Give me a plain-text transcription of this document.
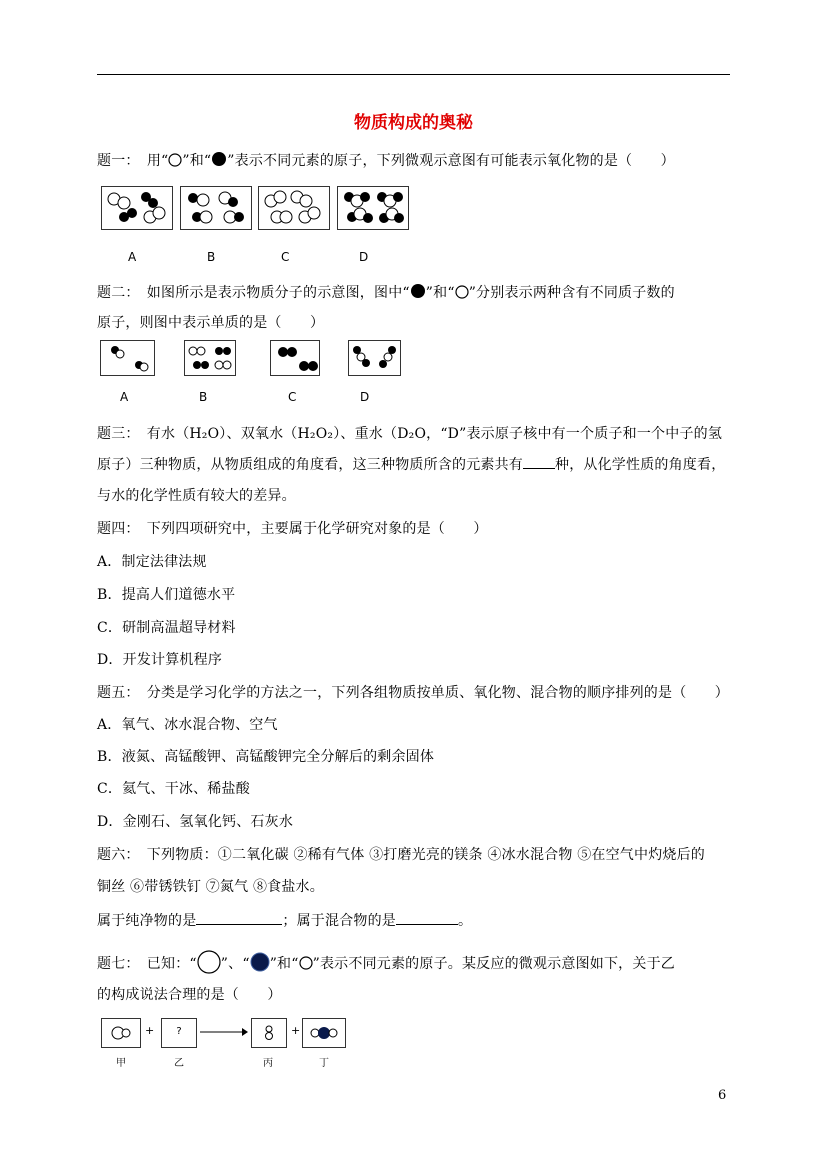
物质构成的奥秘
题一：　 用“ ”和“ ”表示不同元素的原子，下列微观示意图有可能表示氧化物的是（　　）
A	B	C	D
题二：　如图所示是表示物质分子的示意图，图中“ ”和“ ”分别表示两种含有不同质子数的
原子，则图中表示单质的是（　　）
A	B	C	D
题三：　有水（H₂O）、双氧水（H₂O₂）、重水（D₂O，“D”表示原子核中有一个质子和一个中子的氢
原子）三种物质，从物质组成的角度看，这三种物质所含的元素共有 种，从化学性质的角度看，
与水的化学性质有较大的差异。
题四：　下列四项研究中，主要属于化学研究对象的是（　　）
A．制定法律法规
B．提高人们道德水平
C．研制高温超导材料
D．开发计算机程序
题五：　分类是学习化学的方法之一，下列各组物质按单质、氧化物、混合物的顺序排列的是（　　）
A．氧气、冰水混合物、空气
B．液氮、高锰酸钾、高锰酸钾完全分解后的剩余固体
C．氦气、干冰、稀盐酸
D．金刚石、氢氧化钙、石灰水
题六：　下列物质：①二氧化碳 ②稀有气体 ③打磨光亮的镁条 ④冰水混合物 ⑤在空气中灼烧后的
铜丝 ⑥带锈铁钉 ⑦氮气 ⑧食盐水。
属于纯净物的是	；属于混合物的是	。
题七：　已知：“ ”、“ ”和“ ”表示不同元素的原子。某反应的微观示意图如下，关于乙
的构成说法合理的是（　　）
+	?	→	+
甲	乙	丙	丁
6
